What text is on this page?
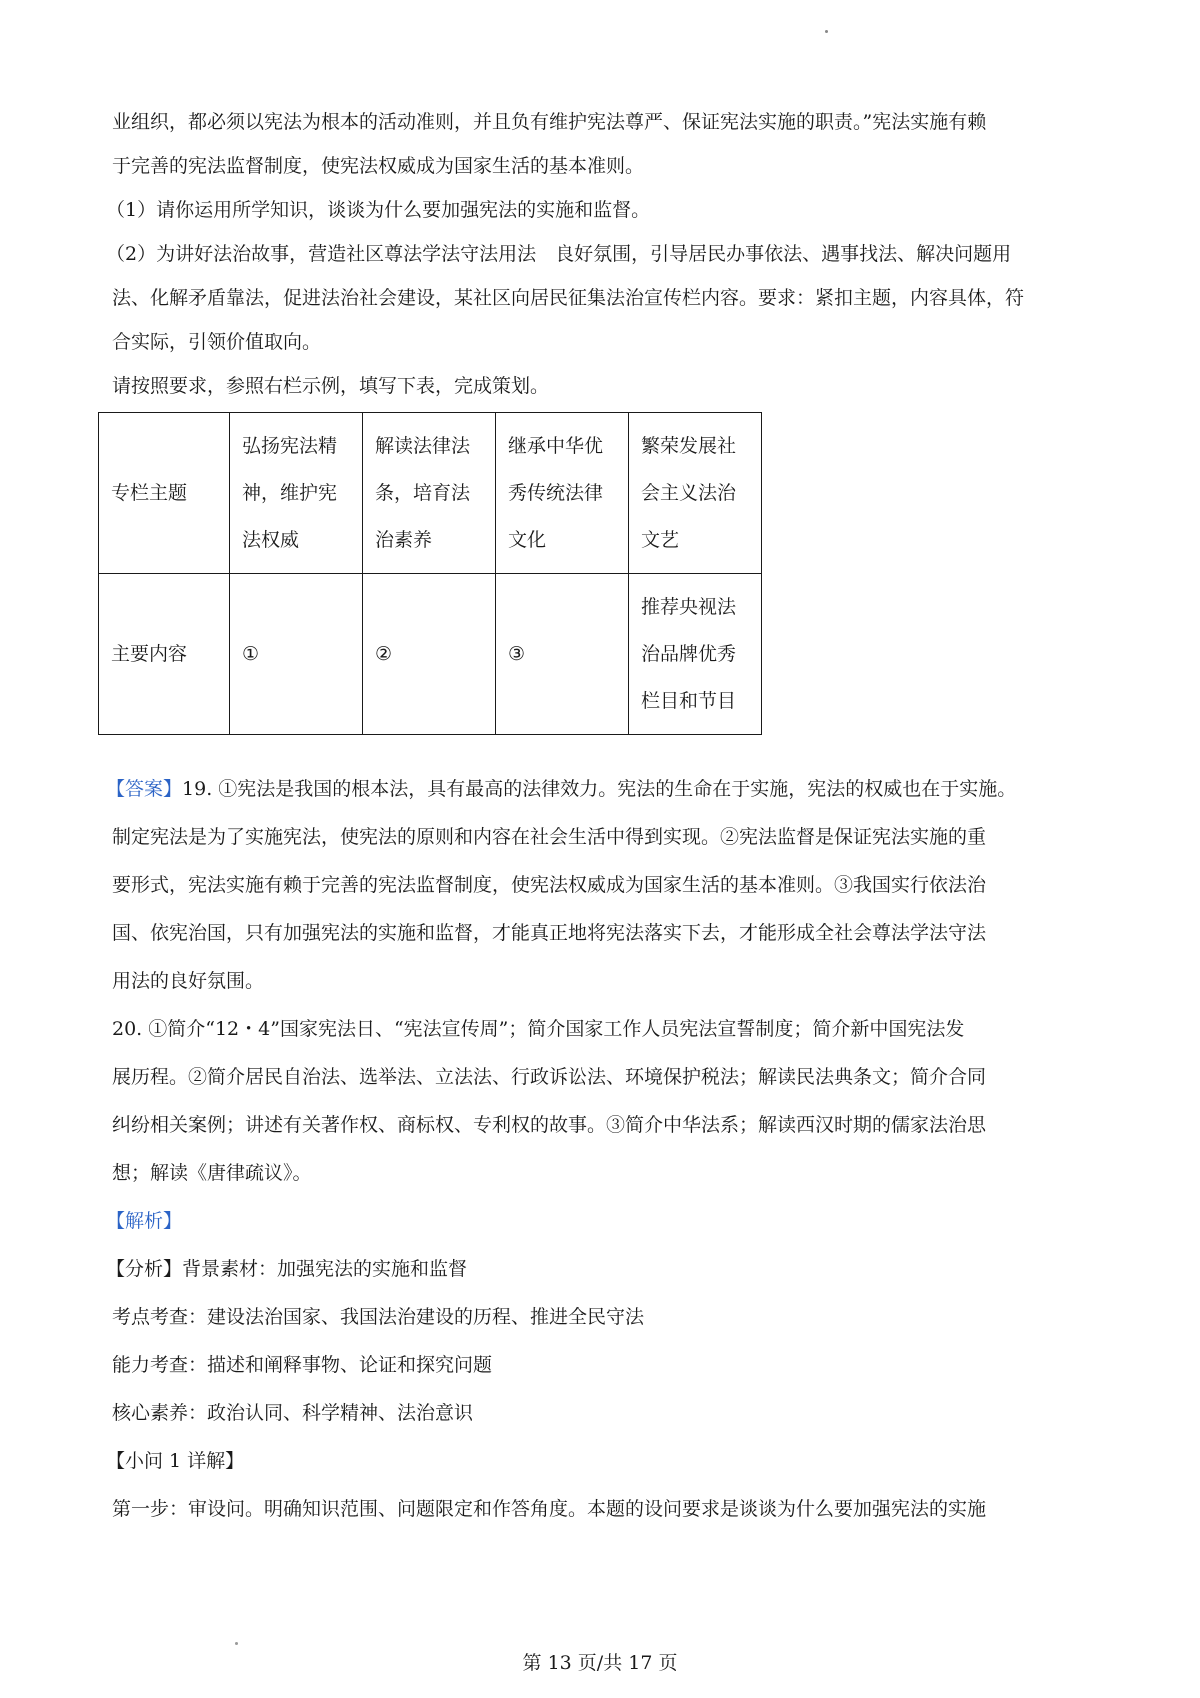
业组织，都必须以宪法为根本的活动准则，并且负有维护宪法尊严、保证宪法实施的职责。”宪法实施有赖

于完善的宪法监督制度，使宪法权威成为国家生活的基本准则。

（1）请你运用所学知识，谈谈为什么要加强宪法的实施和监督。

（2）为讲好法治故事，营造社区尊法学法守法用法　良好氛围，引导居民办事依法、遇事找法、解决问题用

法、化解矛盾靠法，促进法治社会建设，某社区向居民征集法治宣传栏内容。要求：紧扣主题，内容具体，符

合实际，引领价值取向。

请按照要求，参照右栏示例，填写下表，完成策划。

专栏主题	弘扬宪法精神，维护宪法权威	解读法律法条，培育法治素养	继承中华优秀传统法律文化	繁荣发展社会主义法治文艺
主要内容	①	②	③	推荐央视法治品牌优秀栏目和节目

【答案】19. ①宪法是我国的根本法，具有最高的法律效力。宪法的生命在于实施，宪法的权威也在于实施。

制定宪法是为了实施宪法，使宪法的原则和内容在社会生活中得到实现。②宪法监督是保证宪法实施的重

要形式，宪法实施有赖于完善的宪法监督制度，使宪法权威成为国家生活的基本准则。③我国实行依法治

国、依宪治国，只有加强宪法的实施和监督，才能真正地将宪法落实下去，才能形成全社会尊法学法守法

用法的良好氛围。

20. ①简介“12・4”国家宪法日、“宪法宣传周”；简介国家工作人员宪法宣誓制度；简介新中国宪法发

展历程。②简介居民自治法、选举法、立法法、行政诉讼法、环境保护税法；解读民法典条文；简介合同

纠纷相关案例；讲述有关著作权、商标权、专利权的故事。③简介中华法系；解读西汉时期的儒家法治思

想；解读《唐律疏议》。

【解析】

【分析】背景素材：加强宪法的实施和监督

考点考查：建设法治国家、我国法治建设的历程、推进全民守法

能力考查：描述和阐释事物、论证和探究问题

核心素养：政治认同、科学精神、法治意识

【小问 1 详解】

第一步：审设问。明确知识范围、问题限定和作答角度。本题的设问要求是谈谈为什么要加强宪法的实施

第 13 页/共 17 页
